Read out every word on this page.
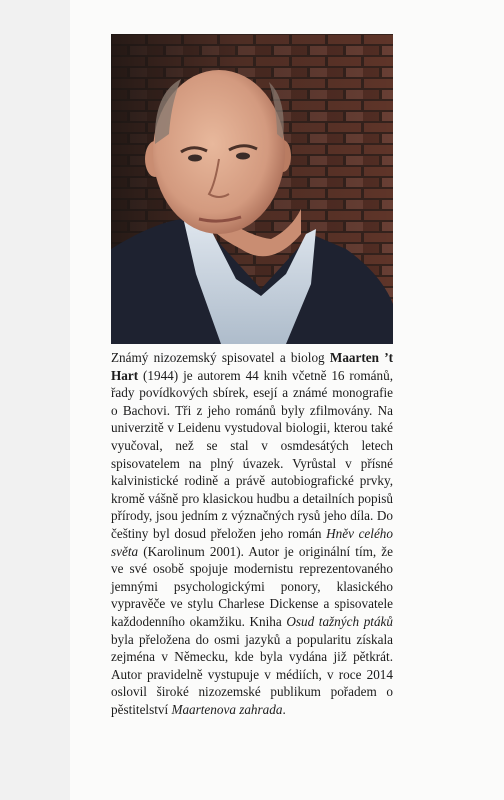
Známý nizozemský spisovatel a biolog Maarten ’t Hart (1944) je autorem 44 knih včetně 16 románů, řady povídkových sbírek, esejí a známé monografie o Bachovi. Tři z jeho románů byly zfilmovány. Na univerzitě v Leidenu vystudoval biologii, kterou také vyučoval, než se stal v osmdesátých letech spisovatelem na plný úvazek. Vyrůstal v přísné kalvinistické rodině a právě autobiografické prvky, kromě vášně pro klasickou hudbu a detailních popisů přírody, jsou jedním z význačných rysů jeho díla. Do češtiny byl dosud přeložen jeho román Hněv celého světa (Karolinum 2001). Autor je originální tím, že ve své osobě spojuje modernistu reprezentovaného jemnými psychologickými ponory, klasického vypravěče ve stylu Charlese Dickense a spisovatele každodenního okamžiku. Kniha Osud tažných ptáků byla přeložena do osmi jazyků a popularitu získala zejména v Německu, kde byla vydána již pětkrát. Autor pravidelně vystupuje v médiích, v roce 2014 oslovil široké nizozemské publikum pořadem o pěstitelství Maartenova zahrada.
